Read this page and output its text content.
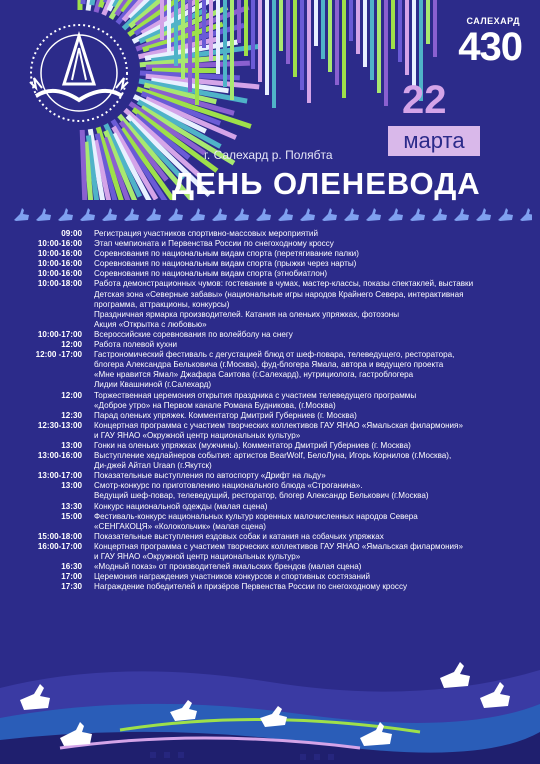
САЛЕХАРД
430
22
марта
г. Салехард р. Полябта
ДЕНЬ ОЛЕНЕВОДА
09:00	Регистрация участников спортивно-массовых мероприятий
10:00-16:00	Этап чемпионата и Первенства России по снегоходному кроссу
10:00-16:00	Соревнования по национальным видам спорта (перетягивание палки)
10:00-16:00	Соревнования по национальным видам спорта (прыжки через нарты)
10:00-16:00	Соревнования по национальным видам спорта (этнобиатлон)
10:00-18:00	Работа демонстрационных чумов: гостевание в чумах, мастер-классы, показы спектаклей, выставки
Детская зона «Северные забавы» (национальные игры народов Крайнего Севера, интерактивная
программа, аттракционы, конкурсы)
Праздничная ярмарка производителей. Катания на оленьих упряжках, фотозоны
Акция «Открытка с любовью»
10:00-17:00	Всероссийские соревнования по волейболу на снегу
12:00	Работа полевой кухни
12:00 -17:00	Гастрономический фестиваль с дегустацией блюд от шеф-повара, телеведущего, ресторатора,
блогера Александра Бельковича (г.Москва), фуд-блогера Ямала, автора и ведущего проекта
«Мне нравится Ямал» Джафара Саитова (г.Салехард), нутрициолога, гастроблогера
Лидии Квашниной (г.Салехард)
12:00	Торжественная церемония открытия праздника с участием телеведущего программы
«Доброе утро» на Первом канале Романа Будникова, (г.Москва)
12:30	Парад оленьих упряжек. Комментатор Дмитрий Губерниев (г. Москва)
12:30-13:00	Концертная программа с участием творческих коллективов ГАУ ЯНАО «Ямальская филармония»
и ГАУ ЯНАО «Окружной центр национальных культур»
13:00	Гонки на оленьих упряжках (мужчины). Комментатор Дмитрий Губерниев (г. Москва)
13:00-16:00	Выступление хедлайнеров события: артистов BearWolf, БелоЛуна, Игорь Корнилов (г.Москва),
Ди-джей Айтал Uraan (г.Якутск)
13:00-17:00	Показательные выступления по автоспорту «Дрифт на льду»
13:00	Смотр-конкурс по приготовлению национального блюда «Строганина».
Ведущий шеф-повар, телеведущий, ресторатор, блогер Александр Белькович (г.Москва)
13:30	Конкурс национальной одежды (малая сцена)
15:00	Фестиваль-конкурс национальных культур коренных малочисленных народов Севера
«СЕНГАКОЦЯ» «Колокольчик» (малая сцена)
15:00-18:00	Показательные выступления ездовых собак и катания на собачьих упряжках
16:00-17:00	Концертная программа с участием творческих коллективов ГАУ ЯНАО «Ямальская филармония»
и ГАУ ЯНАО «Окружной центр национальных культур»
16:30	«Модный показ» от производителей ямальских брендов (малая сцена)
17:00	Церемония награждения участников конкурсов и спортивных состязаний
17:30	Награждение победителей и призёров Первенства России по снегоходному кроссу
